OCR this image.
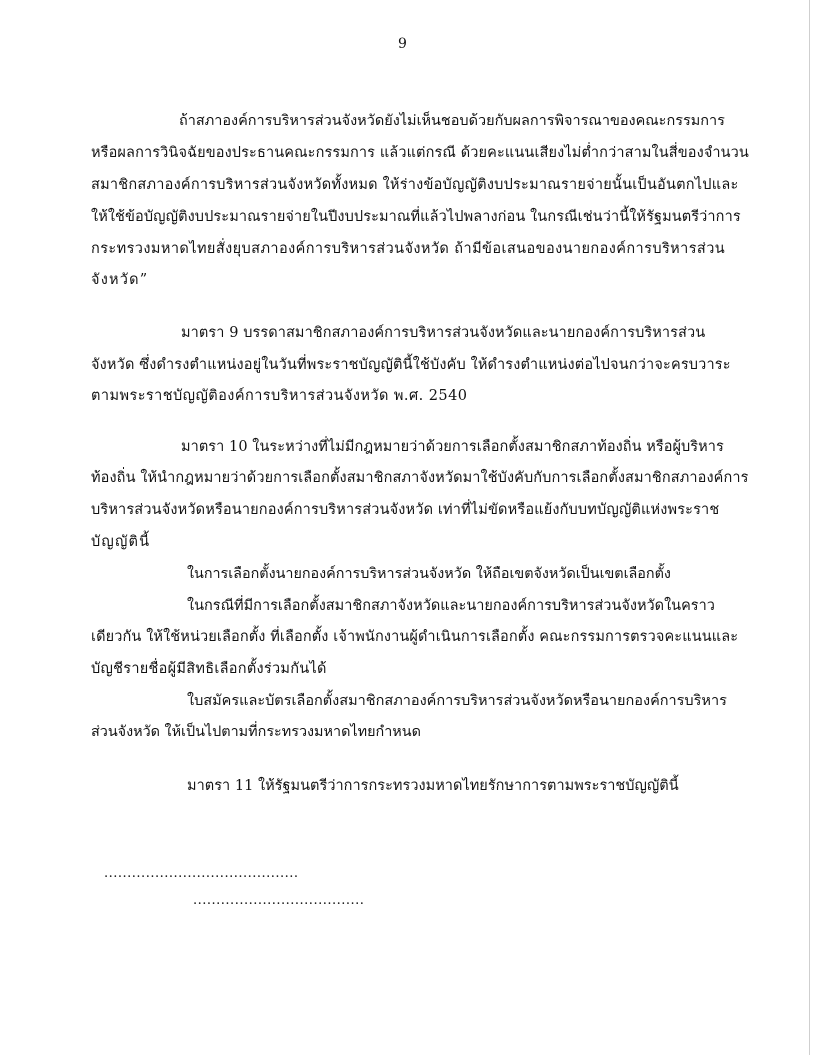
9
ถ้าสภาองค์การบริหารส่วนจังหวัดยังไม่เห็นชอบด้วยกับผลการพิจารณาของคณะกรรมการ
หรือผลการวินิจฉัยของประธานคณะกรรมการ แล้วแต่กรณี ด้วยคะแนนเสียงไม่ต่ำกว่าสามในสี่ของจำนวน
สมาชิกสภาองค์การบริหารส่วนจังหวัดทั้งหมด ให้ร่างข้อบัญญัติงบประมาณรายจ่ายนั้นเป็นอันตกไปและ
ให้ใช้ข้อบัญญัติงบประมาณรายจ่ายในปีงบประมาณที่แล้วไปพลางก่อน ในกรณีเช่นว่านี้ให้รัฐมนตรีว่าการ
กระทรวงมหาดไทยสั่งยุบสภาองค์การบริหารส่วนจังหวัด ถ้ามีข้อเสนอของนายกองค์การบริหารส่วน
จังหวัด”
มาตรา 9 บรรดาสมาชิกสภาองค์การบริหารส่วนจังหวัดและนายกองค์การบริหารส่วน
จังหวัด ซึ่งดำรงตำแหน่งอยู่ในวันที่พระราชบัญญัตินี้ใช้บังคับ ให้ดำรงตำแหน่งต่อไปจนกว่าจะครบวาระ
ตามพระราชบัญญัติองค์การบริหารส่วนจังหวัด พ.ศ. 2540
มาตรา 10 ในระหว่างที่ไม่มีกฎหมายว่าด้วยการเลือกตั้งสมาชิกสภาท้องถิ่น หรือผู้บริหาร
ท้องถิ่น ให้นำกฎหมายว่าด้วยการเลือกตั้งสมาชิกสภาจังหวัดมาใช้บังคับกับการเลือกตั้งสมาชิกสภาองค์การ
บริหารส่วนจังหวัดหรือนายกองค์การบริหารส่วนจังหวัด เท่าที่ไม่ขัดหรือแย้งกับบทบัญญัติแห่งพระราช
บัญญัตินี้
ในการเลือกตั้งนายกองค์การบริหารส่วนจังหวัด ให้ถือเขตจังหวัดเป็นเขตเลือกตั้ง
ในกรณีที่มีการเลือกตั้งสมาชิกสภาจังหวัดและนายกองค์การบริหารส่วนจังหวัดในคราว
เดียวกัน ให้ใช้หน่วยเลือกตั้ง ที่เลือกตั้ง เจ้าพนักงานผู้ดำเนินการเลือกตั้ง คณะกรรมการตรวจคะแนนและ
บัญชีรายชื่อผู้มีสิทธิเลือกตั้งร่วมกันได้
ใบสมัครและบัตรเลือกตั้งสมาชิกสภาองค์การบริหารส่วนจังหวัดหรือนายกองค์การบริหาร
ส่วนจังหวัด ให้เป็นไปตามที่กระทรวงมหาดไทยกำหนด
มาตรา 11 ให้รัฐมนตรีว่าการกระทรวงมหาดไทยรักษาการตามพระราชบัญญัตินี้
..........................................
.....................................
